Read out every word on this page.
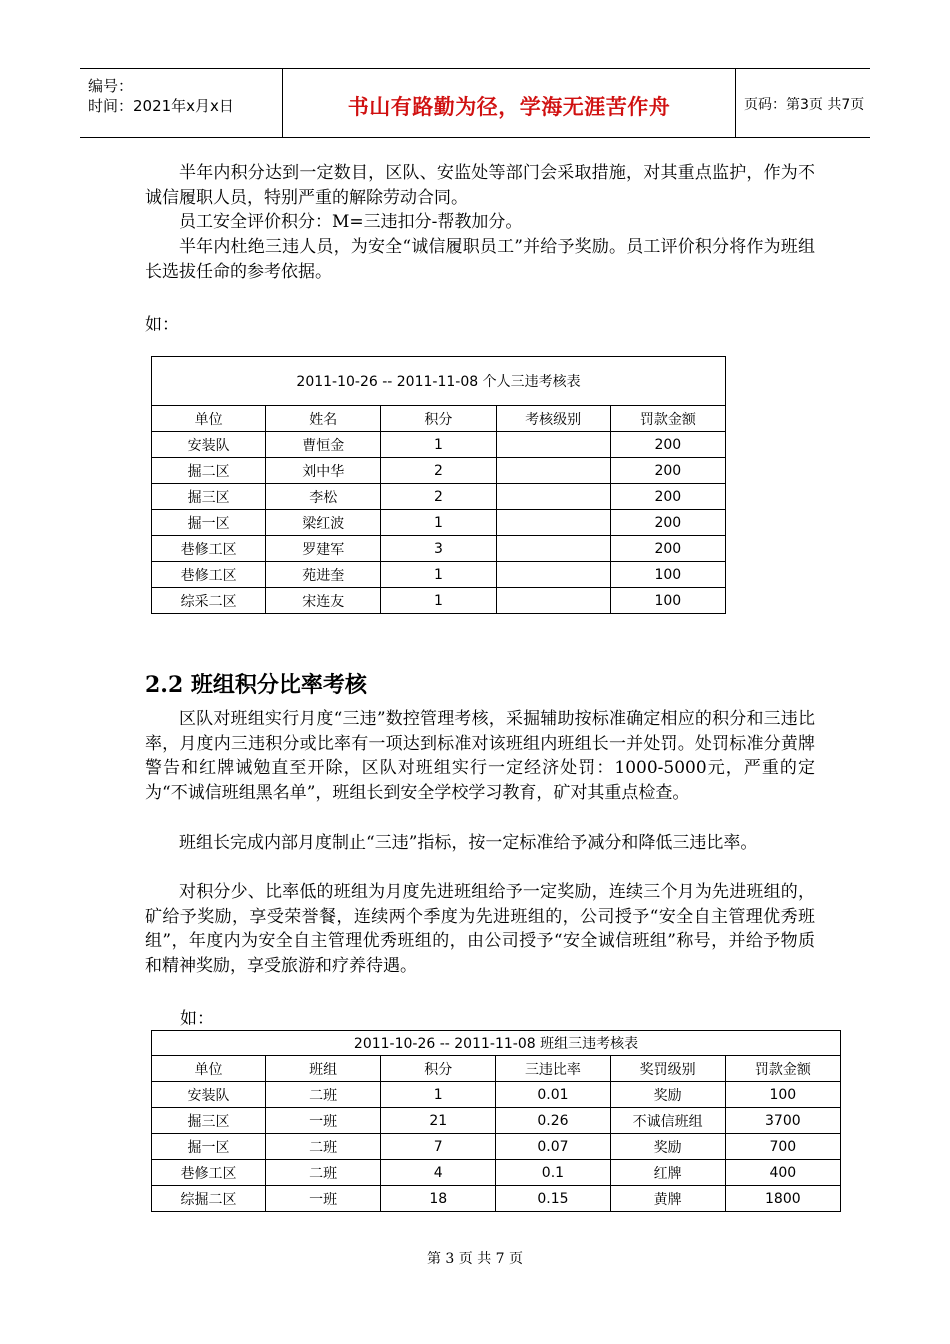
编号：
时间：2021年x月x日	书山有路勤为径，学海无涯苦作舟	页码：第3页 共7页
半年内积分达到一定数目，区队、安监处等部门会采取措施，对其重点监护，作为不诚信履职人员，特别严重的解除劳动合同。
员工安全评价积分：M=三违扣分-帮教加分。
半年内杜绝三违人员，为安全“诚信履职员工”并给予奖励。员工评价积分将作为班组长选拔任命的参考依据。
如：
2011-10-26 -- 2011-11-08 个人三违考核表				
单位	姓名	积分	考核级别	罚款金额
安装队	曹恒金	1		200
掘二区	刘中华	2		200
掘三区	李松	2		200
掘一区	梁红波	1		200
巷修工区	罗建军	3		200
巷修工区	苑进奎	1		100
综采二区	宋连友	1		100
2.2 班组积分比率考核
区队对班组实行月度“三违”数控管理考核，采掘辅助按标准确定相应的积分和三违比率，月度内三违积分或比率有一项达到标准对该班组内班组长一并处罚。处罚标准分黄牌警告和红牌诫勉直至开除，区队对班组实行一定经济处罚：1000-5000元，严重的定为“不诚信班组黑名单”，班组长到安全学校学习教育，矿对其重点检查。
班组长完成内部月度制止“三违”指标，按一定标准给予减分和降低三违比率。
对积分少、比率低的班组为月度先进班组给予一定奖励，连续三个月为先进班组的，矿给予奖励，享受荣誉餐，连续两个季度为先进班组的，公司授予“安全自主管理优秀班组”，年度内为安全自主管理优秀班组的，由公司授予“安全诚信班组”称号，并给予物质和精神奖励，享受旅游和疗养待遇。
如：
2011-10-26 -- 2011-11-08 班组三违考核表					
单位	班组	积分	三违比率	奖罚级别	罚款金额
安装队	二班	1	0.01	奖励	100
掘三区	一班	21	0.26	不诚信班组	3700
掘一区	二班	7	0.07	奖励	700
巷修工区	二班	4	0.1	红牌	400
综掘二区	一班	18	0.15	黄牌	1800
第 3 页 共 7 页
